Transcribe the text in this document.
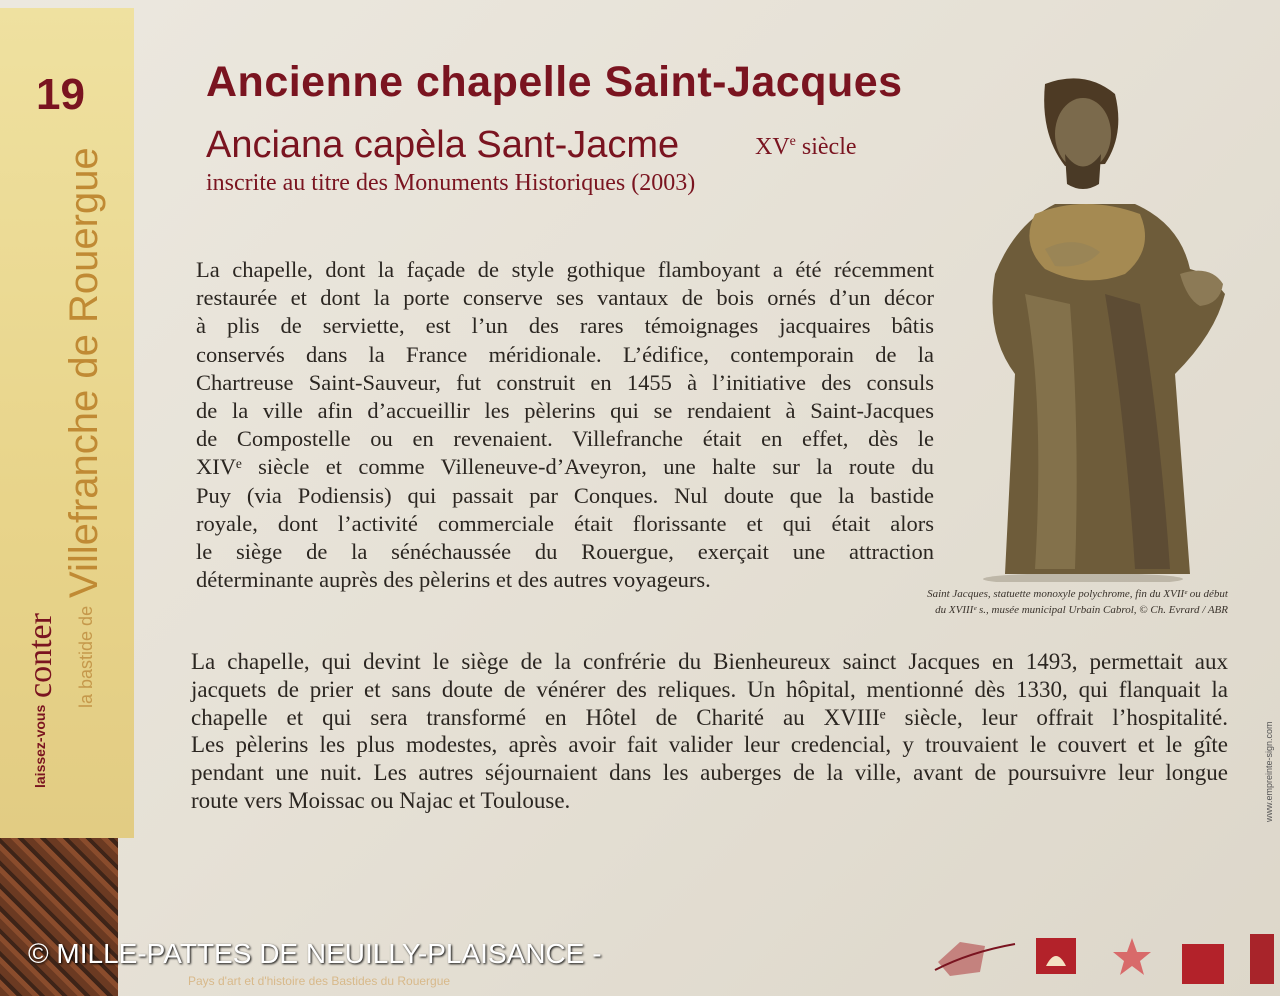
19
Villefranche de Rouergue
la bastide de
conter
laissez-vous
Pays d'art et d'histoire des Bastides du Rouergue
Ancienne chapelle Saint-Jacques
Anciana capèla Sant-Jacme	XVe siècle
inscrite au titre des Monuments Historiques (2003)
La chapelle, dont la façade de style gothique flamboyant a été récemment
restaurée et dont la porte conserve ses vantaux de bois ornés d’un décor
à plis de serviette, est l’un des rares témoignages jacquaires bâtis
conservés dans la France méridionale. L’édifice, contemporain de la
Chartreuse Saint-Sauveur, fut construit en 1455 à l’initiative des consuls
de la ville afin d’accueillir les pèlerins qui se rendaient à Saint-Jacques
de Compostelle ou en revenaient. Villefranche était en effet, dès le
XIVᵉ siècle et comme Villeneuve-d’Aveyron, une halte sur la route du
Puy (via Podiensis) qui passait par Conques. Nul doute que la bastide
royale, dont l’activité commerciale était florissante et qui était alors
le siège de la sénéchaussée du Rouergue, exerçait une attraction
déterminante auprès des pèlerins et des autres voyageurs.
Saint Jacques, statuette monoxyle polychrome, fin du XVIIᵉ ou début
du XVIIIᵉ s., musée municipal Urbain Cabrol, © Ch. Evrard / ABR
La chapelle, qui devint le siège de la confrérie du Bienheureux sainct Jacques en 1493, permettait aux
jacquets de prier et sans doute de vénérer des reliques. Un hôpital, mentionné dès 1330, qui flanquait la
chapelle et qui sera transformé en Hôtel de Charité au XVIIIᵉ siècle, leur offrait l’hospitalité.
Les pèlerins les plus modestes, après avoir fait valider leur credencial, y trouvaient le couvert et le gîte
pendant une nuit. Les autres séjournaient dans les auberges de la ville, avant de poursuivre leur longue
route vers Moissac ou Najac et Toulouse.	www.empreinte-sign.com
© MILLE-PATTES DE NEUILLY-PLAISANCE -
